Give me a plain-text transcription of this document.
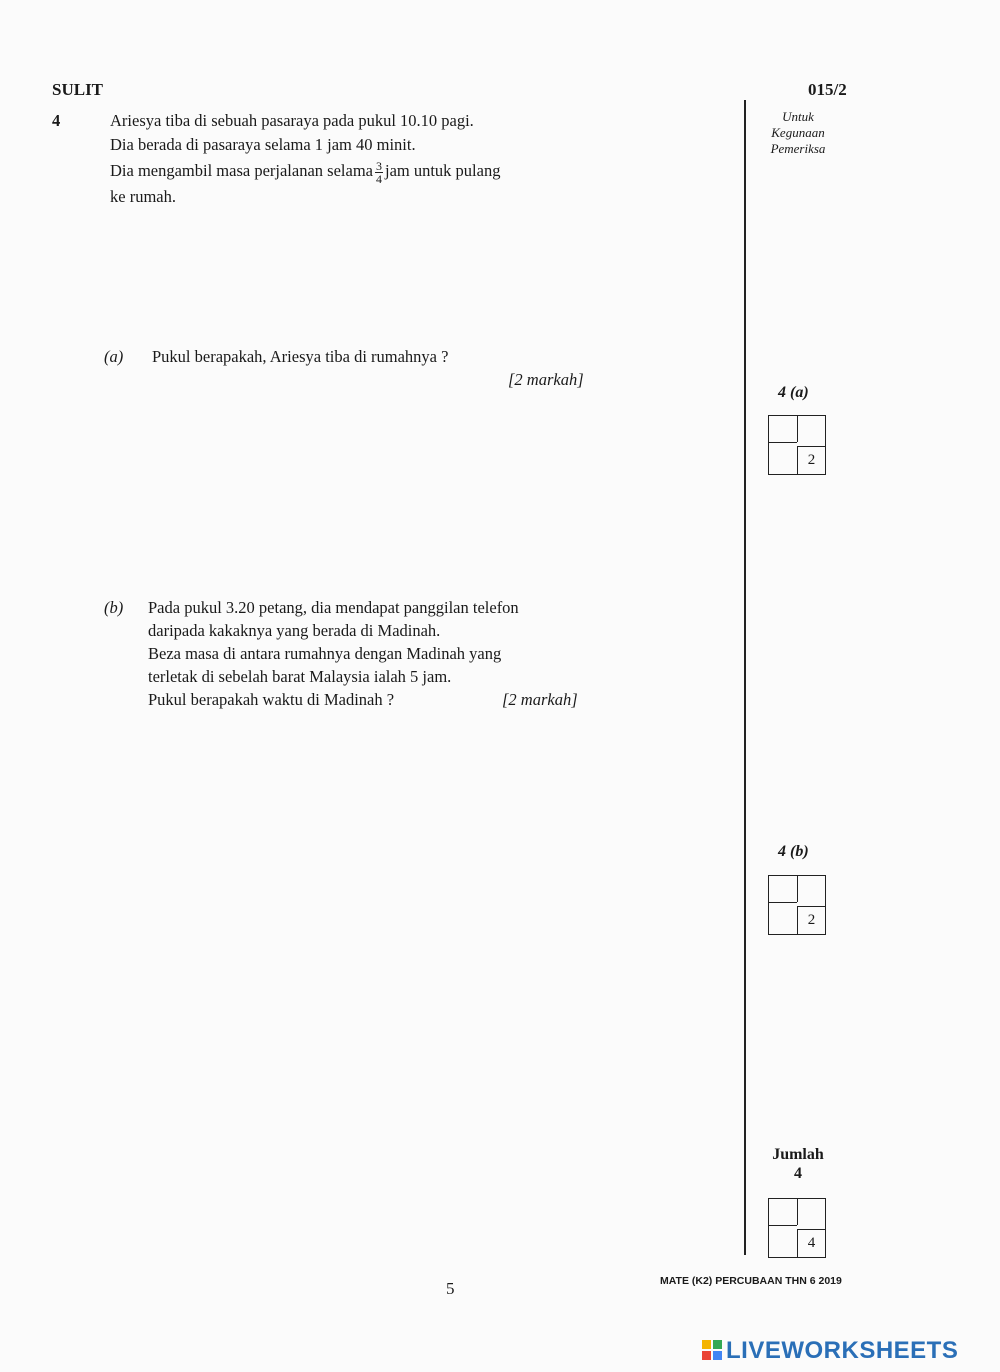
SULIT	015/2
Untuk
Kegunaan
Pemeriksa
4	Ariesya tiba di sebuah pasaraya pada pukul 10.10 pagi.
Dia berada di pasaraya selama 1 jam 40 minit.
Dia mengambil masa perjalanan selama $\frac{3}{4}$ jam untuk pulang
ke rumah.
(a) Pukul berapakah, Ariesya tiba di rumahnya ?
[2 markah]
(b) Pada pukul 3.20 petang, dia mendapat panggilan telefon
daripada kakaknya yang berada di Madinah.
Beza masa di antara rumahnya dengan Madinah yang
terletak di sebelah barat Malaysia ialah 5 jam.
Pukul berapakah waktu di Madinah ?	[2 markah]
4 (a)
2
4 (b)
2
Jumlah
4
4
5	MATE (K2) PERCUBAAN THN 6 2019
LIVEWORKSHEETS
